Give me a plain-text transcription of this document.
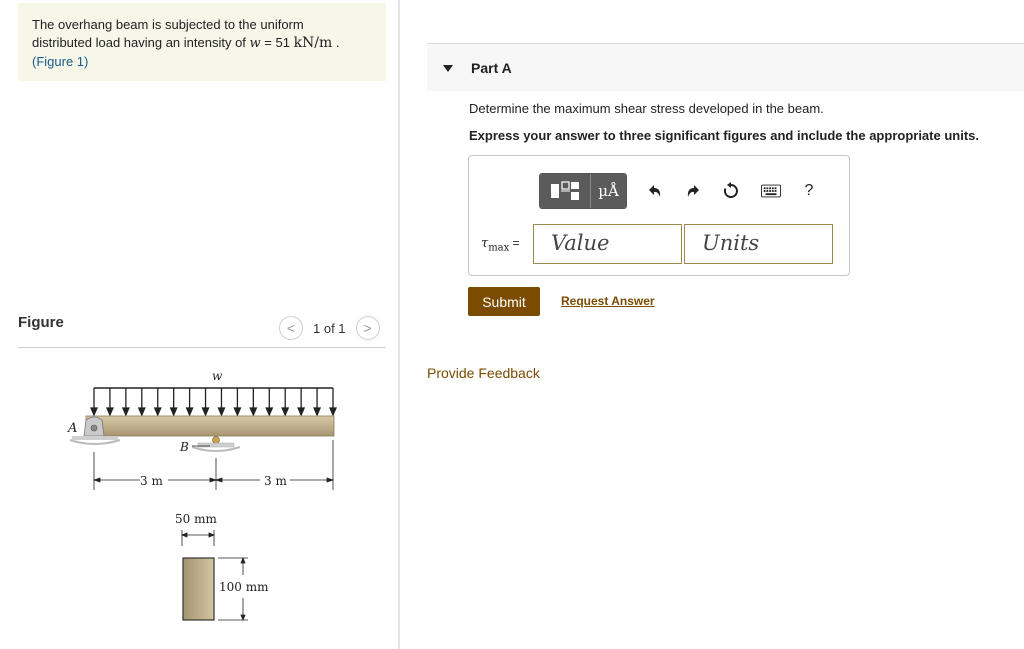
The overhang beam is subjected to the uniform
distributed load having an intensity of w = 51 kN/m .
(Figure 1)
Figure	< 1 of 1 >
w
A
B
3 m	3 m
50 mm
100 mm
Part A
Determine the maximum shear stress developed in the beam.
Express your answer to three significant figures and include the appropriate units.
µÅ	?
$\tau_{max}$ =	Value	Units
Submit	Request Answer
Provide Feedback
